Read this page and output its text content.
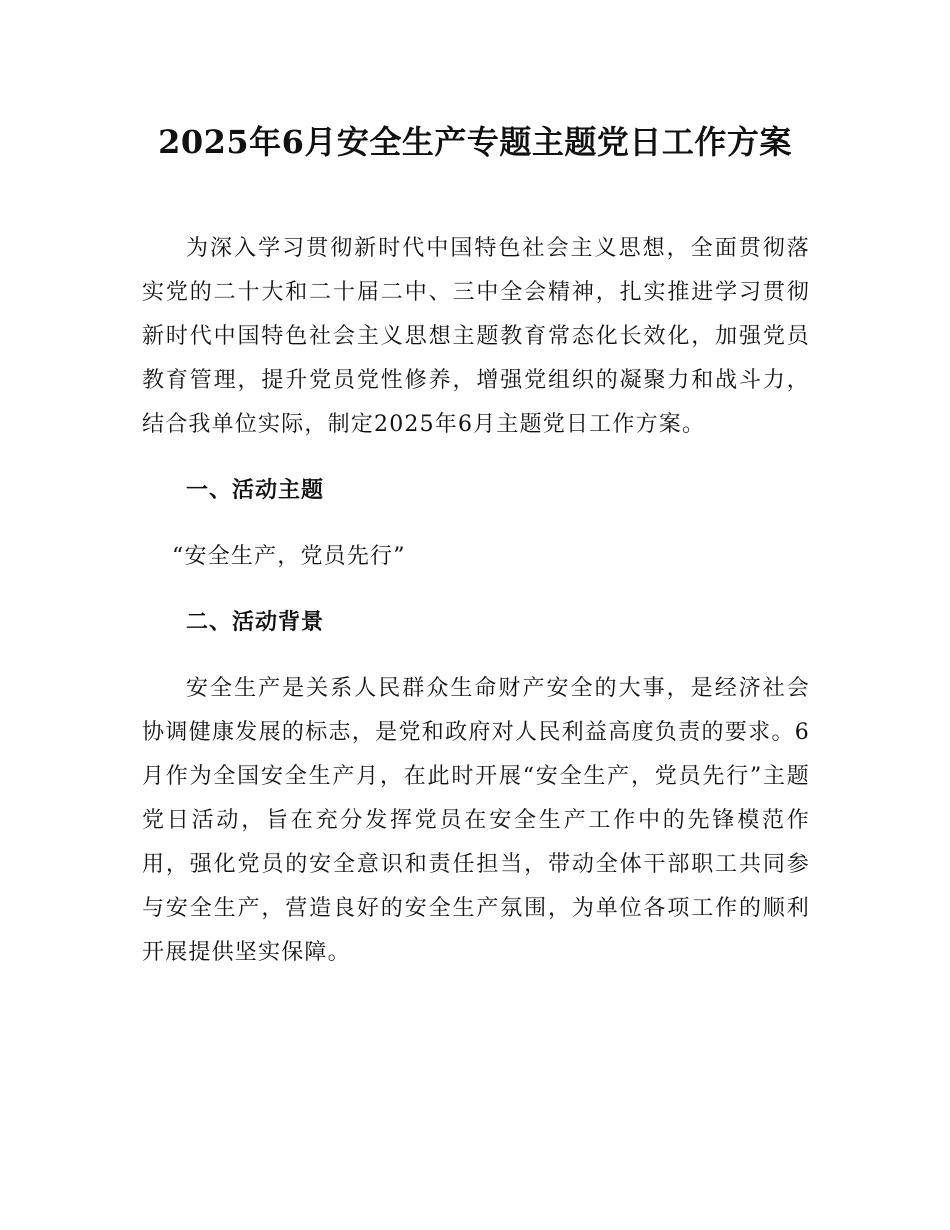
2025年6月安全生产专题主题党日工作方案

为深入学习贯彻新时代中国特色社会主义思想，全面贯彻落实党的二十大和二十届二中、三中全会精神，扎实推进学习贯彻新时代中国特色社会主义思想主题教育常态化长效化，加强党员教育管理，提升党员党性修养，增强党组织的凝聚力和战斗力，结合我单位实际，制定2025年6月主题党日工作方案。

一、活动主题

“安全生产，党员先行”

二、活动背景

安全生产是关系人民群众生命财产安全的大事，是经济社会协调健康发展的标志，是党和政府对人民利益高度负责的要求。6月作为全国安全生产月，在此时开展“安全生产，党员先行”主题党日活动，旨在充分发挥党员在安全生产工作中的先锋模范作用，强化党员的安全意识和责任担当，带动全体干部职工共同参与安全生产，营造良好的安全生产氛围，为单位各项工作的顺利开展提供坚实保障。
